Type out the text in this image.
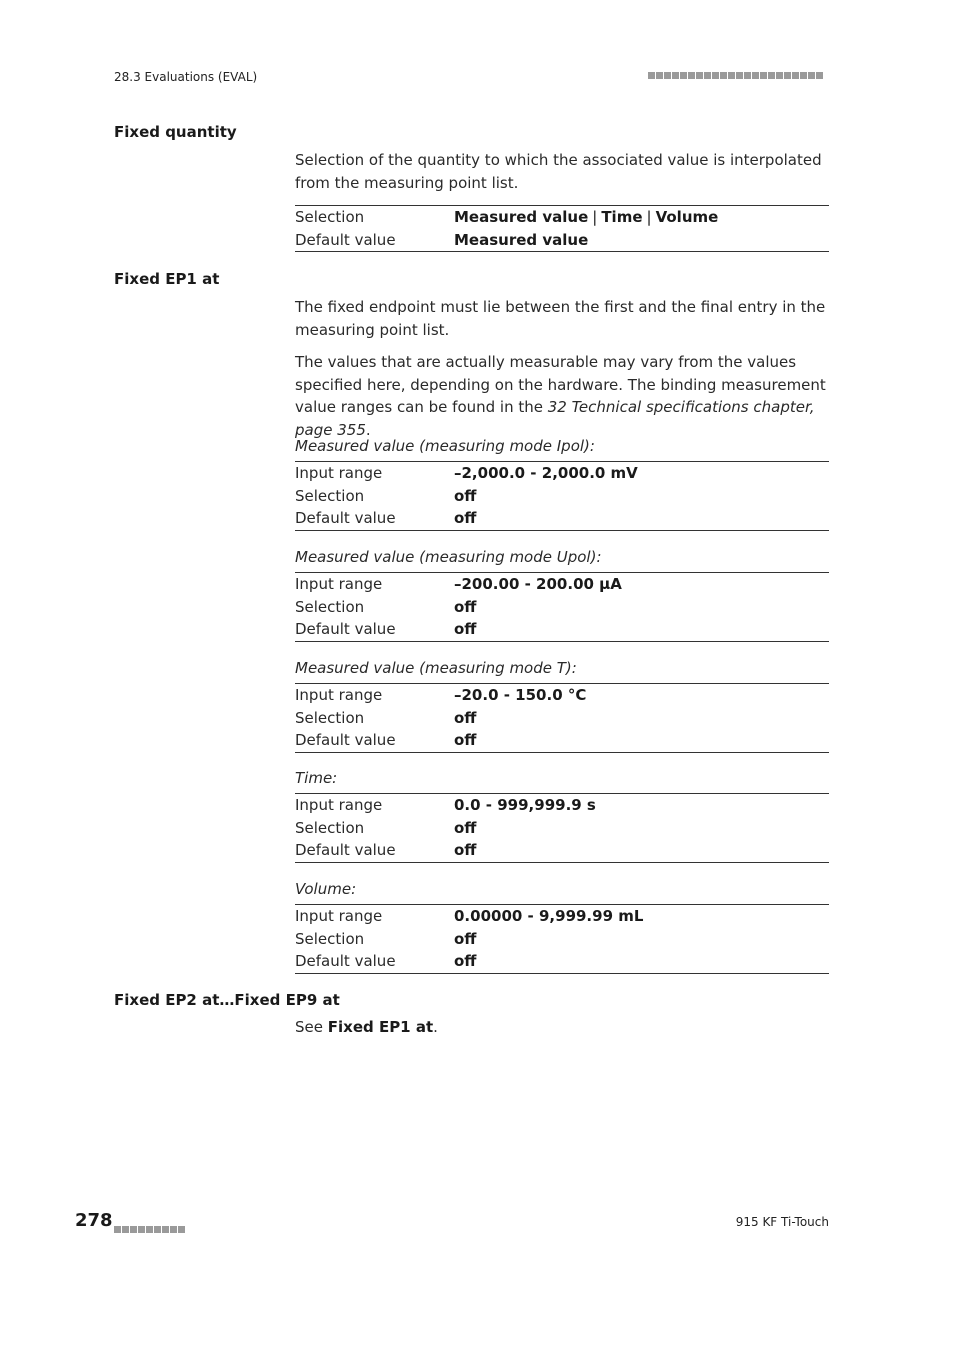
28.3 Evaluations (EVAL)
Fixed quantity
Selection of the quantity to which the associated value is interpolated from the measuring point list.
Selection	Measured value | Time | Volume
Default value	Measured value
Fixed EP1 at
The fixed endpoint must lie between the first and the final entry in the measuring point list.
The values that are actually measurable may vary from the values specified here, depending on the hardware. The binding measurement value ranges can be found in the 32 Technical specifications chapter, page 355.
Measured value (measuring mode Ipol):
Input range	–2,000.0 - 2,000.0 mV
Selection	off
Default value	off
Measured value (measuring mode Upol):
Input range	–200.00 - 200.00 µA
Selection	off
Default value	off
Measured value (measuring mode T):
Input range	–20.0 - 150.0 °C
Selection	off
Default value	off
Time:
Input range	0.0 - 999,999.9 s
Selection	off
Default value	off
Volume:
Input range	0.00000 - 9,999.99 mL
Selection	off
Default value	off
Fixed EP2 at…Fixed EP9 at
See Fixed EP1 at.
278	915 KF Ti-Touch
